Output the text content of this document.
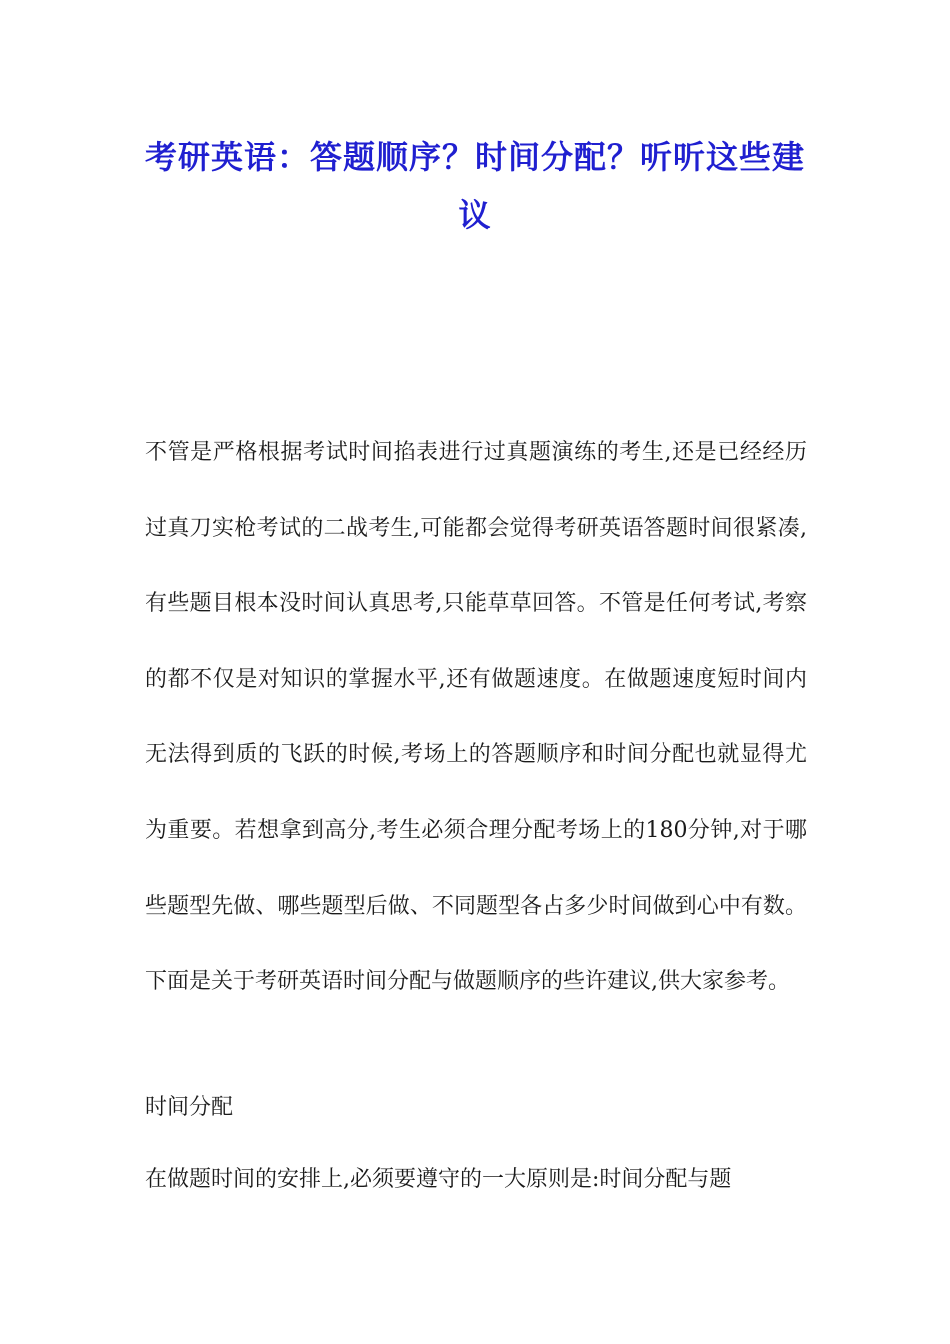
考研英语：答题顺序？时间分配？听听这些建议

不管是严格根据考试时间掐表进行过真题演练的考生,还是已经经历过真刀实枪考试的二战考生,可能都会觉得考研英语答题时间很紧凑,有些题目根本没时间认真思考,只能草草回答。不管是任何考试,考察的都不仅是对知识的掌握水平,还有做题速度。在做题速度短时间内无法得到质的飞跃的时候,考场上的答题顺序和时间分配也就显得尤为重要。若想拿到高分,考生必须合理分配考场上的180分钟,对于哪些题型先做、哪些题型后做、不同题型各占多少时间做到心中有数。下面是关于考研英语时间分配与做题顺序的些许建议,供大家参考。

时间分配

在做题时间的安排上,必须要遵守的一大原则是:时间分配与题
